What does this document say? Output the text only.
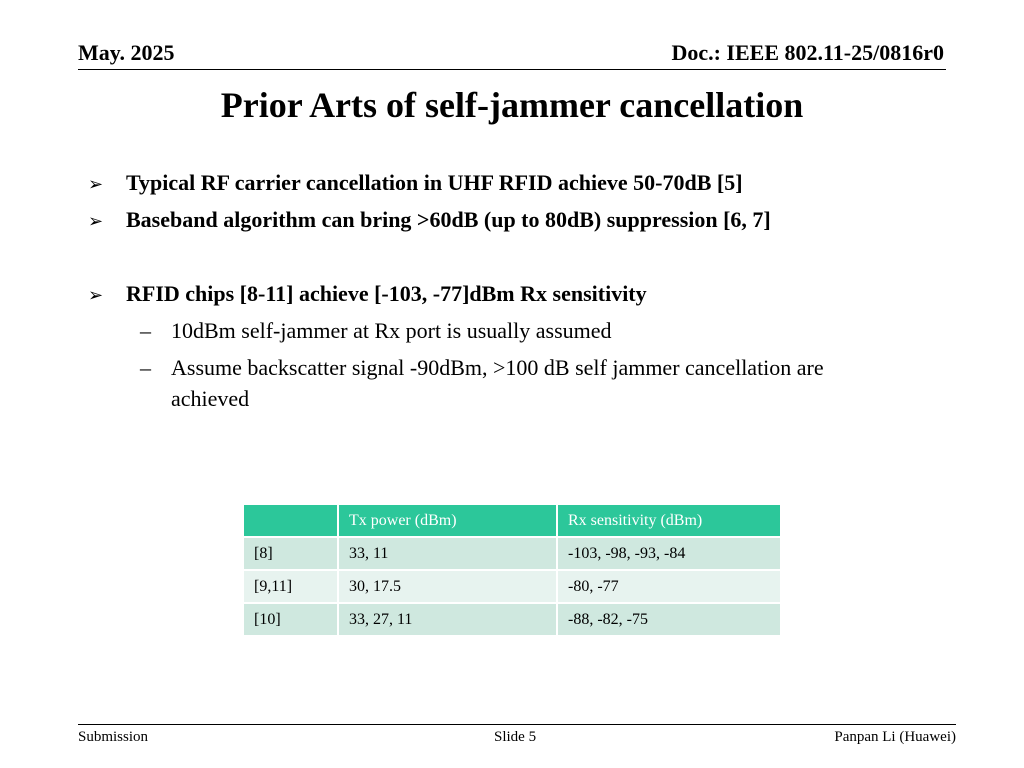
May. 2025	Doc.: IEEE 802.11-25/0816r0
Prior Arts of self-jammer cancellation
➢ Typical RF carrier cancellation in UHF RFID achieve 50-70dB [5]
➢ Baseband algorithm can bring >60dB (up to 80dB) suppression [6, 7]
➢ RFID chips [8-11] achieve [-103, -77]dBm Rx sensitivity
– 10dBm self-jammer at Rx port is usually assumed
– Assume backscatter signal -90dBm, >100 dB self jammer cancellation are
achieved
	Tx power (dBm)	Rx sensitivity (dBm)
[8]	33, 11	-103, -98, -93, -84
[9,11]	30, 17.5	-80, -77
[10]	33, 27, 11	-88, -82, -75
Submission	Slide 5	Panpan Li (Huawei)
